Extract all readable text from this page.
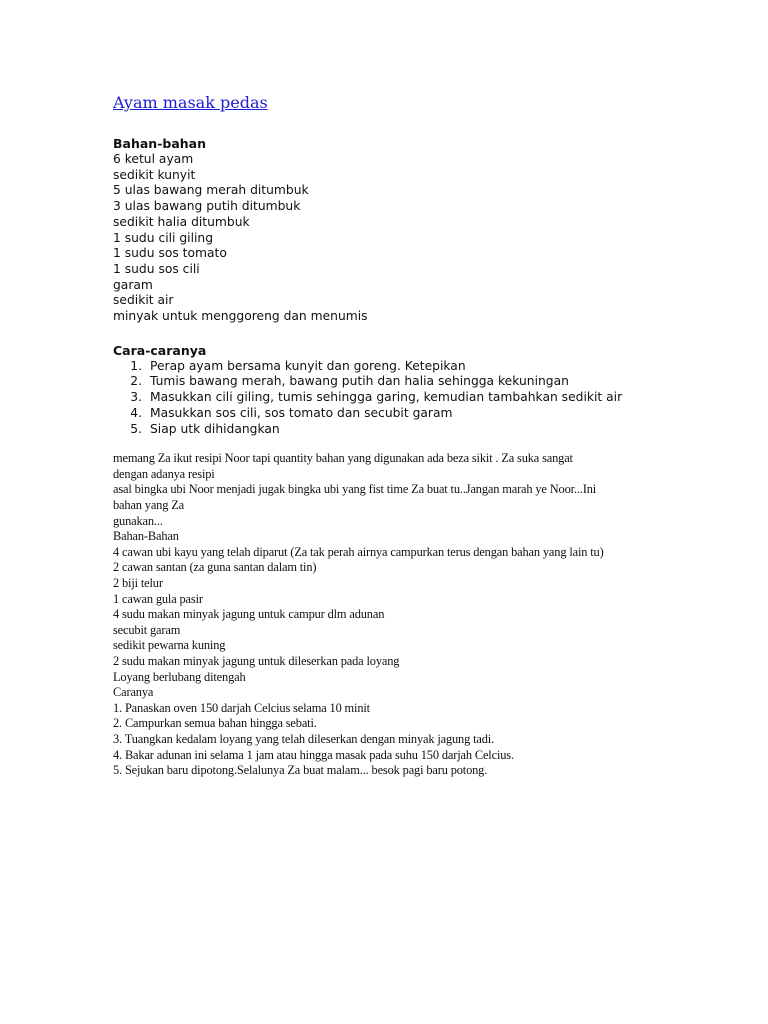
Ayam masak pedas
Bahan-bahan
6 ketul ayam
sedikit kunyit
5 ulas bawang merah ditumbuk
3 ulas bawang putih ditumbuk
sedikit halia ditumbuk
1 sudu cili giling
1 sudu sos tomato
1 sudu sos cili
garam
sedikit air
minyak untuk menggoreng dan menumis
Cara-caranya
1. Perap ayam bersama kunyit dan goreng. Ketepikan
2. Tumis bawang merah, bawang putih dan halia sehingga kekuningan
3. Masukkan cili giling, tumis sehingga garing, kemudian tambahkan sedikit air
4. Masukkan sos cili, sos tomato dan secubit garam
5. Siap utk dihidangkan
memang Za ikut resipi Noor tapi quantity bahan yang digunakan ada beza sikit . Za suka sangat
dengan adanya resipi
asal bingka ubi Noor menjadi jugak bingka ubi yang fist time Za buat tu..Jangan marah ye Noor...Ini
bahan yang Za
gunakan...
Bahan-Bahan
4 cawan ubi kayu yang telah diparut (Za tak perah airnya campurkan terus dengan bahan yang lain tu)
2 cawan santan (za guna santan dalam tin)
2 biji telur
1 cawan gula pasir
4 sudu makan minyak jagung untuk campur dlm adunan
secubit garam
sedikit pewarna kuning
2 sudu makan minyak jagung untuk dileserkan pada loyang
Loyang berlubang ditengah
Caranya
1. Panaskan oven 150 darjah Celcius selama 10 minit
2. Campurkan semua bahan hingga sebati.
3. Tuangkan kedalam loyang yang telah dileserkan dengan minyak jagung tadi.
4. Bakar adunan ini selama 1 jam atau hingga masak pada suhu 150 darjah Celcius.
5. Sejukan baru dipotong.Selalunya Za buat malam... besok pagi baru potong.
